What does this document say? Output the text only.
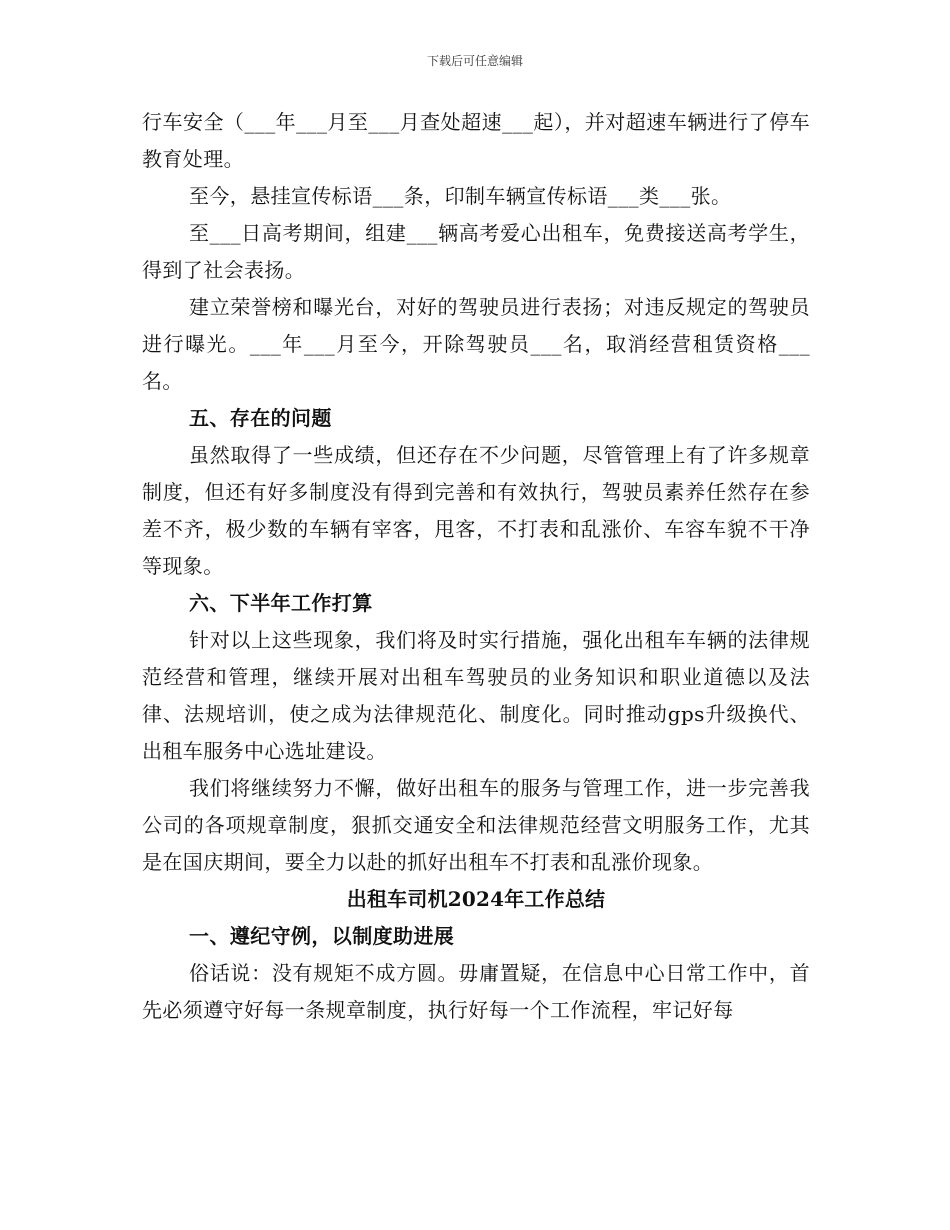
下载后可任意编辑

行车安全（___年___月至___月查处超速___起），并对超速车辆进行了停车教育处理。

至今，悬挂宣传标语___条，印制车辆宣传标语___类___张。

至___日高考期间，组建___辆高考爱心出租车，免费接送高考学生，得到了社会表扬。

建立荣誉榜和曝光台，对好的驾驶员进行表扬；对违反规定的驾驶员进行曝光。___年___月至今，开除驾驶员___名，取消经营租赁资格___名。

五、存在的问题

虽然取得了一些成绩，但还存在不少问题，尽管管理上有了许多规章制度，但还有好多制度没有得到完善和有效执行，驾驶员素养任然存在参差不齐，极少数的车辆有宰客，甩客，不打表和乱涨价、车容车貌不干净等现象。

六、下半年工作打算

针对以上这些现象，我们将及时实行措施，强化出租车车辆的法律规范经营和管理，继续开展对出租车驾驶员的业务知识和职业道德以及法律、法规培训，使之成为法律规范化、制度化。同时推动gps升级换代、出租车服务中心选址建设。

我们将继续努力不懈，做好出租车的服务与管理工作，进一步完善我公司的各项规章制度，狠抓交通安全和法律规范经营文明服务工作，尤其是在国庆期间，要全力以赴的抓好出租车不打表和乱涨价现象。

出租车司机2024年工作总结

一、遵纪守例，以制度助进展

俗话说：没有规矩不成方圆。毋庸置疑，在信息中心日常工作中，首先必须遵守好每一条规章制度，执行好每一个工作流程，牢记好每
